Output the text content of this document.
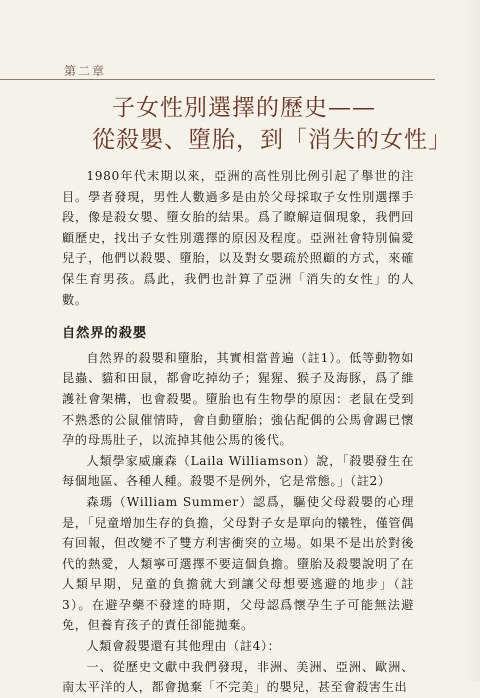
第二章
子女性別選擇的歷史——
從殺嬰、墮胎，到「消失的女性」

1980年代末期以來，亞洲的高性別比例引起了舉世的注目。學者發現，男性人數過多是由於父母採取子女性別選擇手段，像是殺女嬰、墮女胎的結果。爲了瞭解這個現象，我們回顧歷史，找出子女性別選擇的原因及程度。亞洲社會特別偏愛兒子，他們以殺嬰、墮胎，以及對女嬰疏於照顧的方式，來確保生育男孩。爲此，我們也計算了亞洲「消失的女性」的人數。

自然界的殺嬰

自然界的殺嬰和墮胎，其實相當普遍（註1）。低等動物如昆蟲、貓和田鼠，都會吃掉幼子；猩猩、猴子及海豚，爲了維護社會架構，也會殺嬰。墮胎也有生物學的原因：老鼠在受到不熟悉的公鼠催情時，會自動墮胎；強佔配偶的公馬會踢已懷孕的母馬肚子，以流掉其他公馬的後代。

人類學家威廉森（Laila Williamson）說，「殺嬰發生在每個地區、各種人種。殺嬰不是例外，它是常態。」（註2）

森瑪（William Summer）認爲，驅使父母殺嬰的心理是，「兒童增加生存的負擔，父母對子女是單向的犧牲，僅管偶有回報，但改變不了雙方利害衝突的立場。如果不是出於對後代的熱愛，人類寧可選擇不要這個負擔。墮胎及殺嬰說明了在人類早期，兒童的負擔就大到讓父母想要逃避的地步」（註3）。在避孕藥不發達的時期，父母認爲懷孕生子可能無法避免，但養育孩子的責任卻能拋棄。

人類會殺嬰還有其他理由（註4）：

一、從歷史文獻中我們發現，非洲、美洲、亞洲、歐洲、南太平洋的人，都會拋棄「不完美」的嬰兒，甚至會殺害生出
